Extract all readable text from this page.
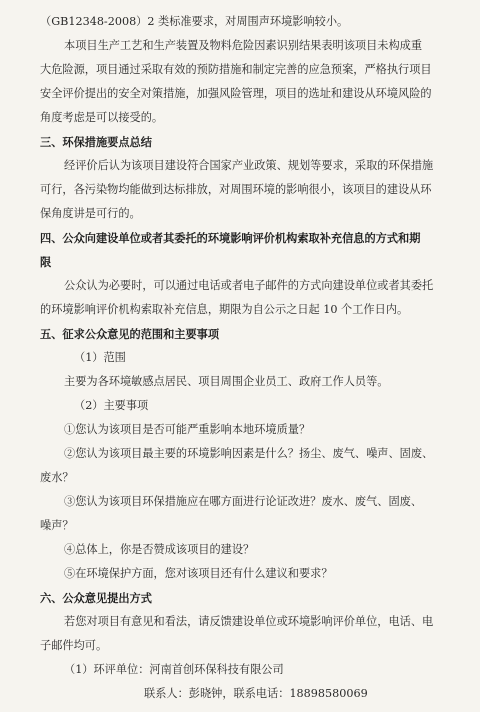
（GB12348-2008）2 类标准要求，对周围声环境影响较小。
本项目生产工艺和生产装置及物料危险因素识别结果表明该项目未构成重
大危险源，项目通过采取有效的预防措施和制定完善的应急预案，严格执行项目
安全评价提出的安全对策措施，加强风险管理，项目的选址和建设从环境风险的
角度考虑是可以接受的。
三、环保措施要点总结
经评价后认为该项目建设符合国家产业政策、规划等要求，采取的环保措施
可行，各污染物均能做到达标排放，对周围环境的影响很小，该项目的建设从环
保角度讲是可行的。
四、公众向建设单位或者其委托的环境影响评价机构索取补充信息的方式和期
限
公众认为必要时，可以通过电话或者电子邮件的方式向建设单位或者其委托
的环境影响评价机构索取补充信息，期限为自公示之日起 10 个工作日内。
五、征求公众意见的范围和主要事项
（1）范围
主要为各环境敏感点居民、项目周围企业员工、政府工作人员等。
（2）主要事项
①您认为该项目是否可能严重影响本地环境质量？
②您认为该项目最主要的环境影响因素是什么？扬尘、废气、噪声、固废、
废水？
③您认为该项目环保措施应在哪方面进行论证改进？废水、废气、固废、
噪声？
④总体上，你是否赞成该项目的建设？
⑤在环境保护方面，您对该项目还有什么建议和要求？
六、公众意见提出方式
若您对项目有意见和看法，请反馈建设单位或环境影响评价单位，电话、电
子邮件均可。
（1）环评单位：河南首创环保科技有限公司
联系人：彭晓钟，联系电话：18898580069
